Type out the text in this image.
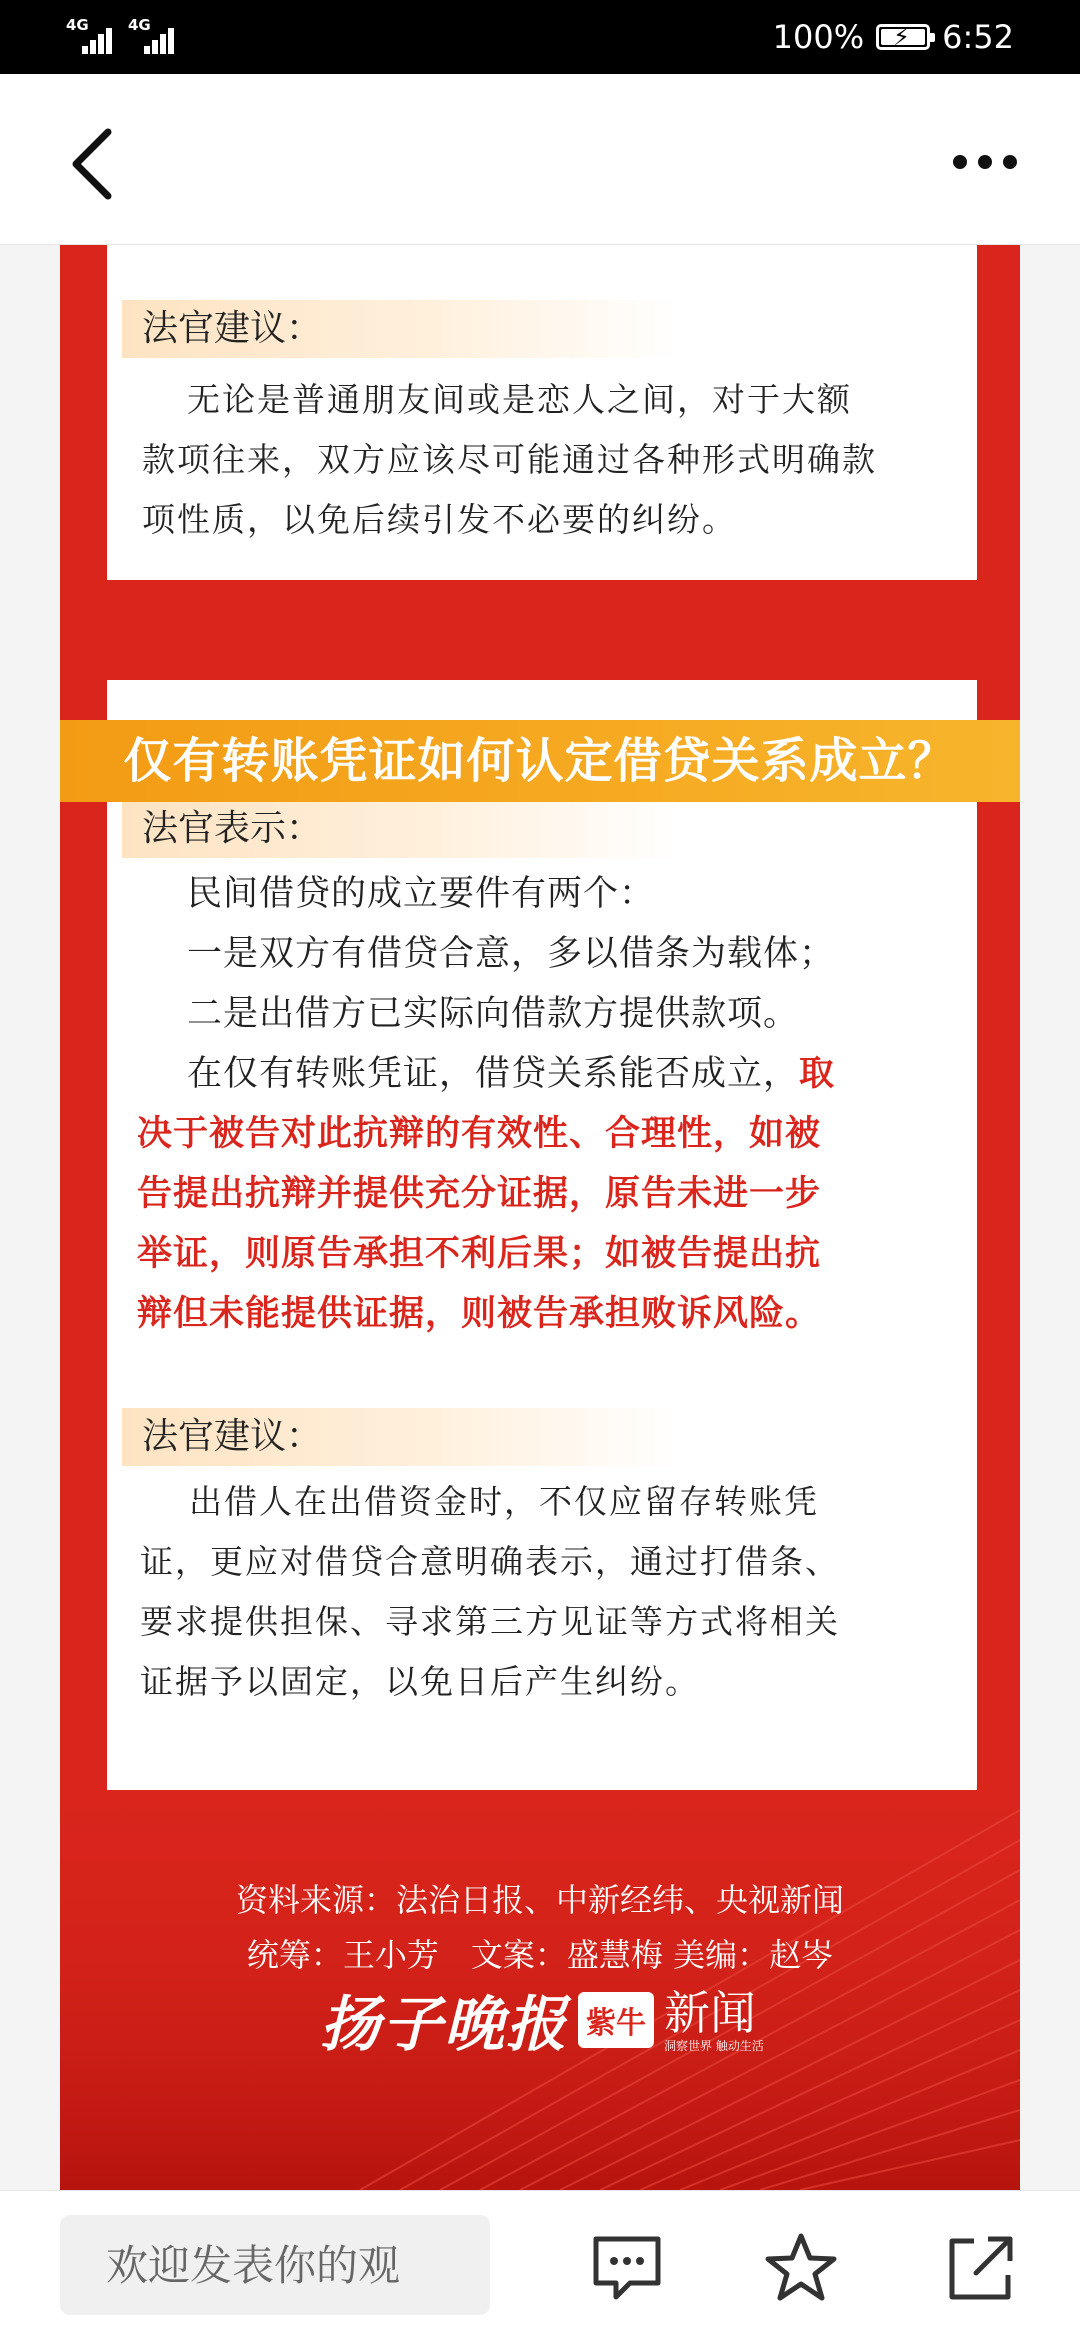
4G	4G	100% ⚡ 6:52
法官建议：
无论是普通朋友间或是恋人之间，对于大额
款项往来，双方应该尽可能通过各种形式明确款
项性质，以免后续引发不必要的纠纷。
法官表示：
民间借贷的成立要件有两个：
一是双方有借贷合意，多以借条为载体；
二是出借方已实际向借款方提供款项。
在仅有转账凭证，借贷关系能否成立，取
决于被告对此抗辩的有效性、合理性，如被
告提出抗辩并提供充分证据，原告未进一步
举证，则原告承担不利后果；如被告提出抗
辩但未能提供证据，则被告承担败诉风险。
法官建议：
出借人在出借资金时，不仅应留存转账凭
证，更应对借贷合意明确表示，通过打借条、
要求提供担保、寻求第三方见证等方式将相关
证据予以固定，以免日后产生纠纷。
仅有转账凭证如何认定借贷关系成立？
资料来源：法治日报、中新经纬、央视新闻
统筹：王小芳　文案：盛慧梅 美编：赵岑
扬子晚报 紫牛 新闻
洞察世界 触动生活
欢迎发表你的观
